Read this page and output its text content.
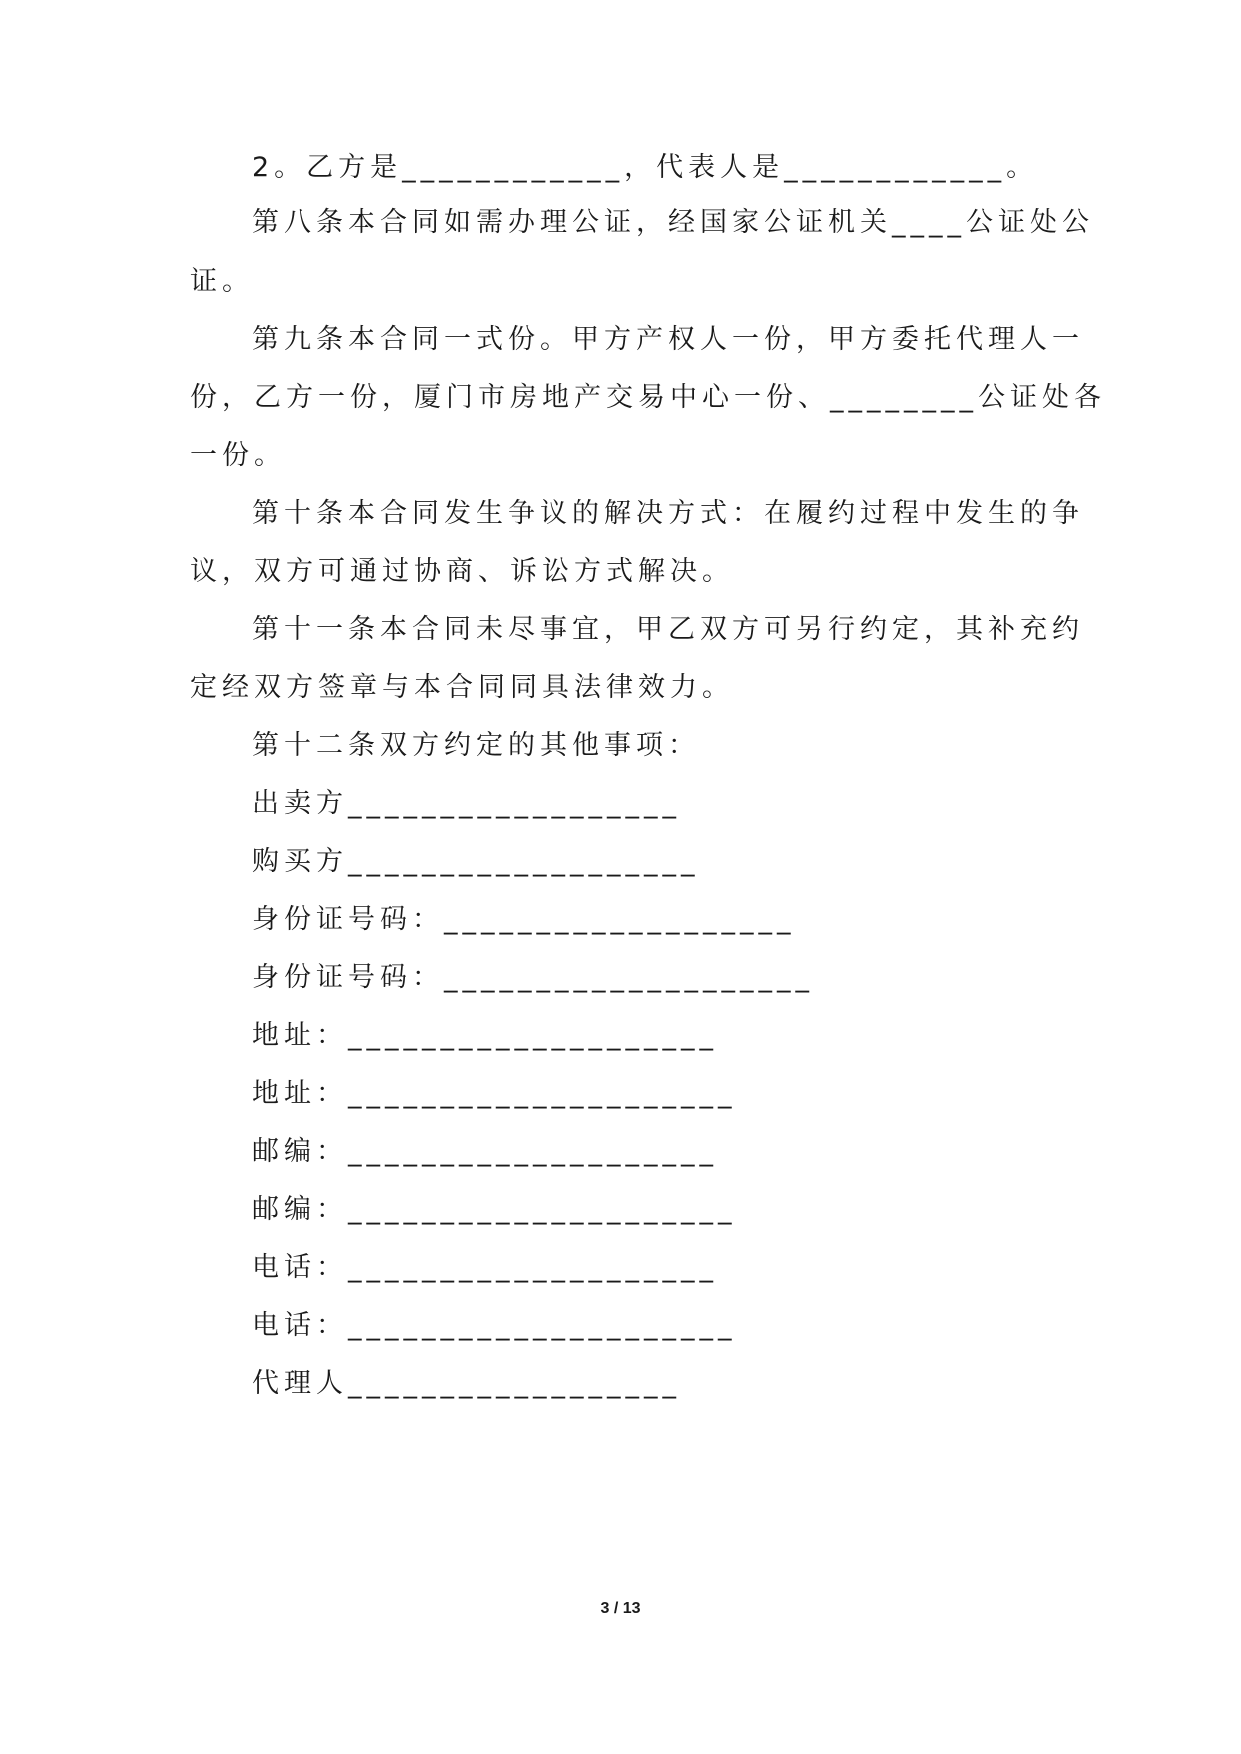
2。乙方是____________，代表人是____________。
第八条本合同如需办理公证，经国家公证机关____公证处公
证。
第九条本合同一式份。甲方产权人一份，甲方委托代理人一
份，乙方一份，厦门市房地产交易中心一份、________公证处各
一份。
第十条本合同发生争议的解决方式：在履约过程中发生的争
议，双方可通过协商、诉讼方式解决。
第十一条本合同未尽事宜，甲乙双方可另行约定，其补充约
定经双方签章与本合同同具法律效力。
第十二条双方约定的其他事项：
出卖方__________________
购买方___________________
身份证号码：___________________
身份证号码：____________________
地址：____________________
地址：_____________________
邮编：____________________
邮编：_____________________
电话：____________________
电话：_____________________
代理人__________________
3 / 13
